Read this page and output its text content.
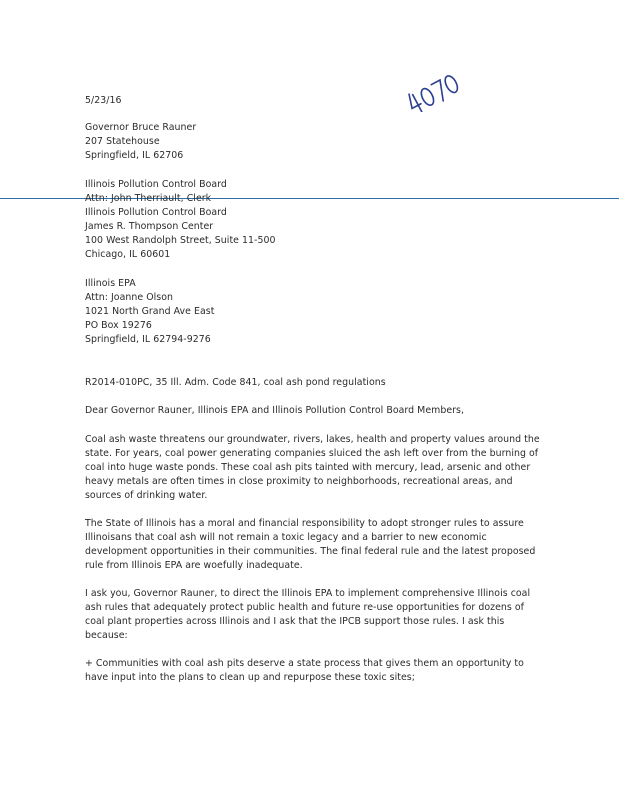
5/23/16
Governor Bruce Rauner
207 Statehouse
Springfield, IL 62706
Illinois Pollution Control Board
Attn: John Therriault, Clerk
Illinois Pollution Control Board
James R. Thompson Center
100 West Randolph Street, Suite 11-500
Chicago, IL 60601
Illinois EPA
Attn: Joanne Olson
1021 North Grand Ave East
PO Box 19276
Springfield, IL 62794-9276
R2014-010PC, 35 Ill. Adm. Code 841, coal ash pond regulations
Dear Governor Rauner, Illinois EPA and Illinois Pollution Control Board Members,
Coal ash waste threatens our groundwater, rivers, lakes, health and property values around the
state. For years, coal power generating companies sluiced the ash left over from the burning of
coal into huge waste ponds. These coal ash pits tainted with mercury, lead, arsenic and other
heavy metals are often times in close proximity to neighborhoods, recreational areas, and
sources of drinking water.
The State of Illinois has a moral and financial responsibility to adopt stronger rules to assure
Illinoisans that coal ash will not remain a toxic legacy and a barrier to new economic
development opportunities in their communities. The final federal rule and the latest proposed
rule from Illinois EPA are woefully inadequate.
I ask you, Governor Rauner, to direct the Illinois EPA to implement comprehensive Illinois coal
ash rules that adequately protect public health and future re-use opportunities for dozens of
coal plant properties across Illinois and I ask that the IPCB support those rules. I ask this
because:
+ Communities with coal ash pits deserve a state process that gives them an opportunity to
have input into the plans to clean up and repurpose these toxic sites;
